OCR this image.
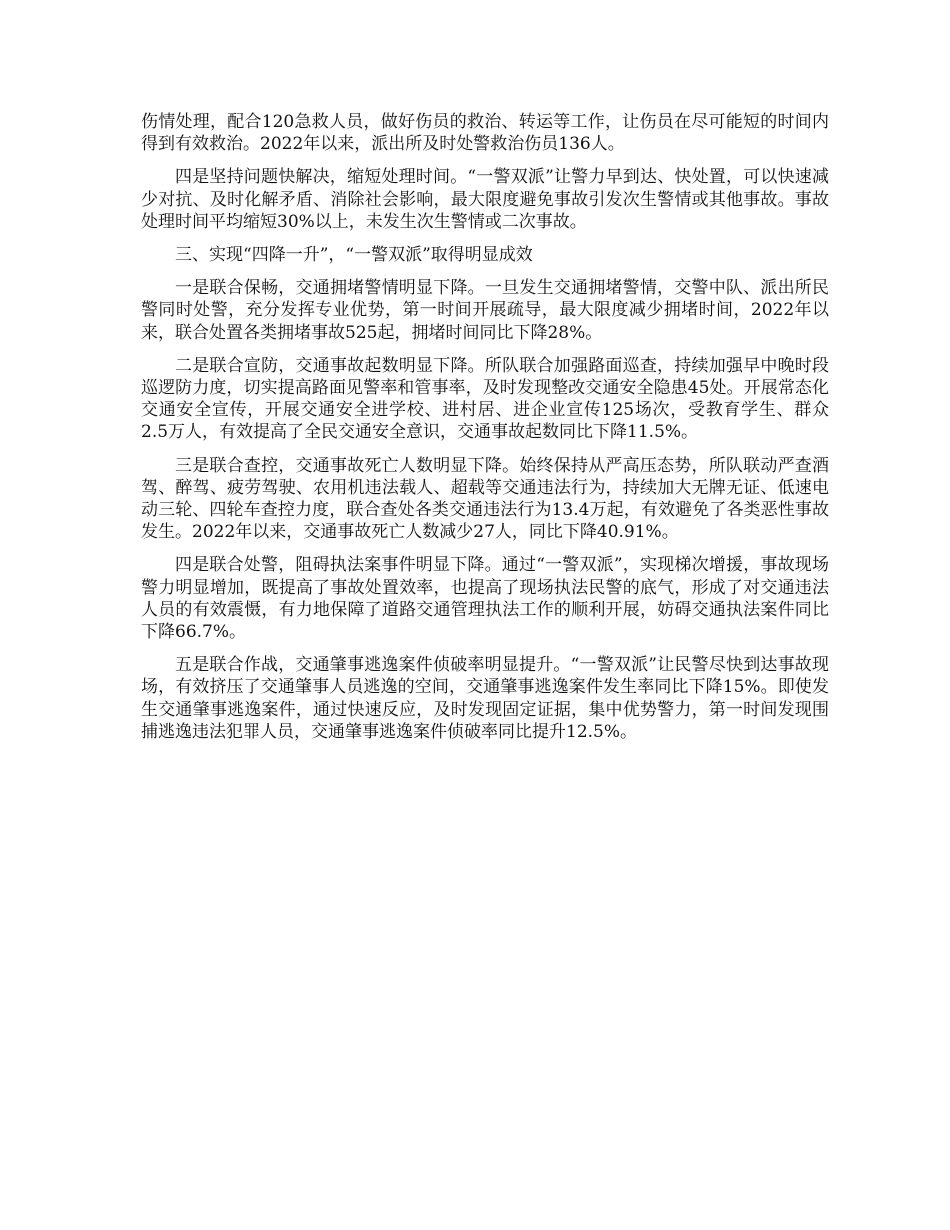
伤情处理，配合120急救人员，做好伤员的救治、转运等工作，让伤员在尽可能短的时间内得到有效救治。2022年以来，派出所及时处警救治伤员136人。

四是坚持问题快解决，缩短处理时间。“一警双派”让警力早到达、快处置，可以快速减少对抗、及时化解矛盾、消除社会影响，最大限度避免事故引发次生警情或其他事故。事故处理时间平均缩短30%以上，未发生次生警情或二次事故。

三、实现“四降一升”，“一警双派”取得明显成效

一是联合保畅，交通拥堵警情明显下降。一旦发生交通拥堵警情，交警中队、派出所民警同时处警，充分发挥专业优势，第一时间开展疏导，最大限度减少拥堵时间，2022年以来，联合处置各类拥堵事故525起，拥堵时间同比下降28%。

二是联合宣防，交通事故起数明显下降。所队联合加强路面巡查，持续加强早中晚时段巡逻防力度，切实提高路面见警率和管事率，及时发现整改交通安全隐患45处。开展常态化交通安全宣传，开展交通安全进学校、进村居、进企业宣传125场次，受教育学生、群众2.5万人，有效提高了全民交通安全意识，交通事故起数同比下降11.5%。

三是联合查控，交通事故死亡人数明显下降。始终保持从严高压态势，所队联动严查酒驾、醉驾、疲劳驾驶、农用机违法载人、超载等交通违法行为，持续加大无牌无证、低速电动三轮、四轮车查控力度，联合查处各类交通违法行为13.4万起，有效避免了各类恶性事故发生。2022年以来，交通事故死亡人数减少27人，同比下降40.91%。

四是联合处警，阻碍执法案事件明显下降。通过“一警双派”，实现梯次增援，事故现场警力明显增加，既提高了事故处置效率，也提高了现场执法民警的底气，形成了对交通违法人员的有效震慑，有力地保障了道路交通管理执法工作的顺利开展，妨碍交通执法案件同比下降66.7%。

五是联合作战，交通肇事逃逸案件侦破率明显提升。“一警双派”让民警尽快到达事故现场，有效挤压了交通肇事人员逃逸的空间，交通肇事逃逸案件发生率同比下降15%。即使发生交通肇事逃逸案件，通过快速反应，及时发现固定证据，集中优势警力，第一时间发现围捕逃逸违法犯罪人员，交通肇事逃逸案件侦破率同比提升12.5%。
